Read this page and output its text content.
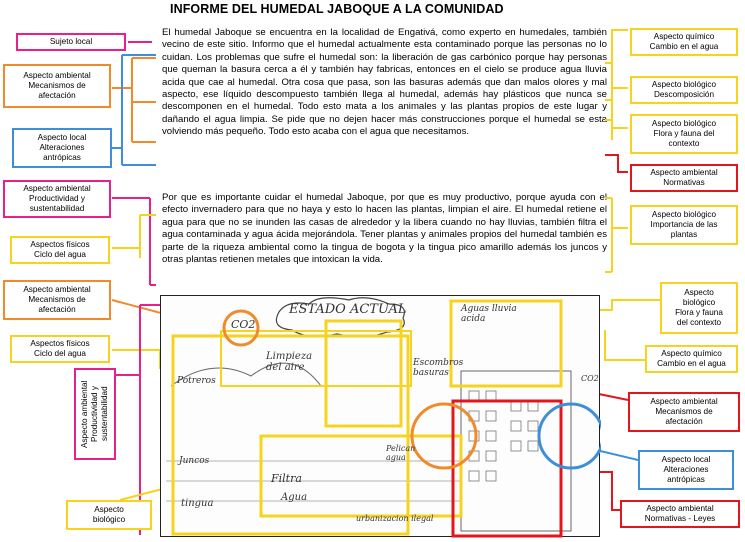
INFORME DEL HUMEDAL JABOQUE A LA COMUNIDAD

El humedal Jaboque se encuentra en la localidad de Engativá, como experto en humedales, también vecino de este sitio. Informo que el humedal actualmente esta contaminado porque las personas no lo cuidan. Los problemas que sufre el humedal son: la liberación de gas carbónico porque hay personas que queman la basura cerca a él y también hay fabricas, entonces en el cielo se produce agua lluvia acida que cae al humedal. Otra cosa que pasa, son las basuras además que dan malos olores y mal aspecto, ese líquido descompuesto también llega al humedal, además hay plásticos que nunca se descomponen en el humedal. Todo esto mata a los animales y las plantas propios de este lugar y dañando el agua limpia. Se pide que no dejen hacer más construcciones porque el humedal se esta volviendo más pequeño. Todo esto acaba con el agua que necesitamos.

Por que es importante cuidar el humedal Jaboque, por que es muy productivo, porque ayuda con el efecto invernadero para que no haya y esto lo hacen las plantas, limpian el aire. El humedal retiene el agua para que no se inunden las casas de alrededor y la libera cuando no hay lluvias, también filtra el agua contaminada y agua ácida mejorándola. Tener plantas y animales propios del humedal también es parte de la riqueza ambiental como la tingua de bogota y la tingua pico amarillo además los juncos y otras plantas retienen metales que intoxican la vida.

Sujeto local
Aspecto ambiental
Mecanismos de
afectación
Aspecto local
Alteraciones
antrópicas
Aspecto ambiental
Productividad y
sustentabilidad
Aspectos físicos
Ciclo del agua
Aspecto ambiental
Mecanismos de
afectación
Aspectos físicos
Ciclo del agua
Aspecto ambiental Productividad y sustentabilidad
Aspecto
biológico
Aspecto químico
Cambio en el agua
Aspecto biológico
Descomposición
Aspecto biológico
Flora y fauna del
contexto
Aspecto ambiental
Normativas
Aspecto biológico
Importancia de las
plantas
Aspecto
biológico
Flora y fauna
del contexto
Aspecto químico
Cambio en el agua
Aspecto ambiental
Mecanismos de
afectación
Aspecto local
Alteraciones
antrópicas
Aspecto ambiental
Normativas - Leyes
ESTADO ACTUAL
CO2
Aguas lluvia acida
CO2
Escombros basuras
Potreros
Limpieza del aire
Juncos
Filtra
Agua
tingua
Pelican agua
urbanizacion ilegal
